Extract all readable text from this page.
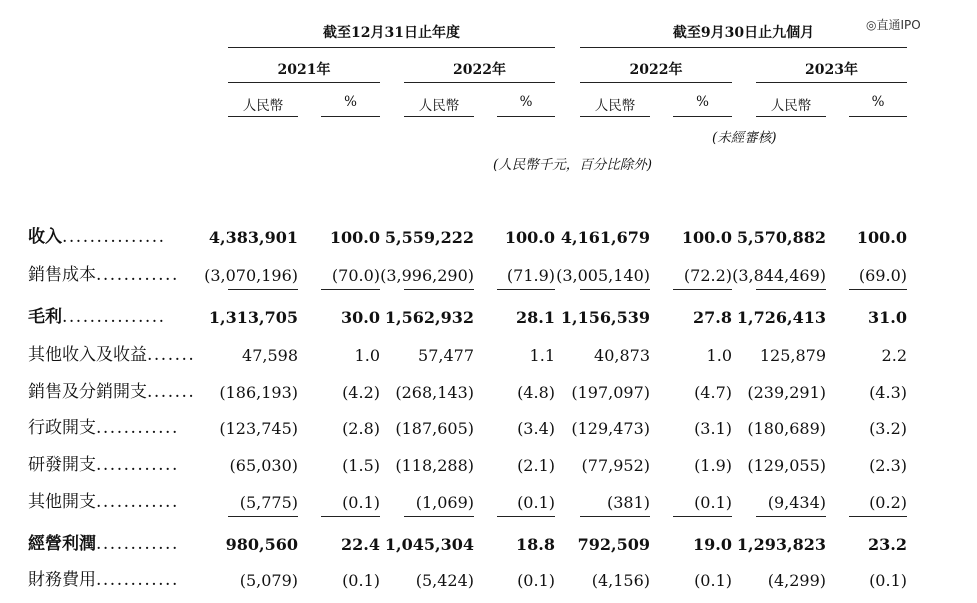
◎直通IPO
截至12月31日止年度	截至9月30日止九個月
2021年	2022年	2022年	2023年
人民幣	%	人民幣	%	人民幣	%	人民幣	%
(未經審核)
(人民幣千元，百分比除外)
收入...............	4,383,901	100.0 5,559,222	100.0 4,161,679	100.0 5,570,882	100.0
銷售成本............ (3,070,196)	(70.0) (3,996,290)	(71.9) (3,005,140)	(72.2) (3,844,469)	(69.0)
毛利...............	1,313,705	30.0 1,562,932	28.1 1,156,539	27.8 1,726,413	31.0
其他收入及收益.......	47,598	1.0	57,477	1.1	40,873	1.0	125,879	2.2
銷售及分銷開支.......	(186,193)	(4.2) (268,143)	(4.8)	(197,097)	(4.7) (239,291)	(4.3)
行政開支............	(123,745)	(2.8) (187,605)	(3.4)	(129,473)	(3.1) (180,689)	(3.2)
研發開支............	(65,030)	(1.5) (118,288)	(2.1)	(77,952)	(1.9) (129,055)	(2.3)
其他開支............	(5,775)	(0.1)	(1,069)	(0.1)	(381)	(0.1)	(9,434)	(0.2)
經營利潤............	980,560	22.4 1,045,304	18.8	792,509	19.0 1,293,823	23.2
財務費用............	(5,079)	(0.1)	(5,424)	(0.1)	(4,156)	(0.1)	(4,299)	(0.1)
